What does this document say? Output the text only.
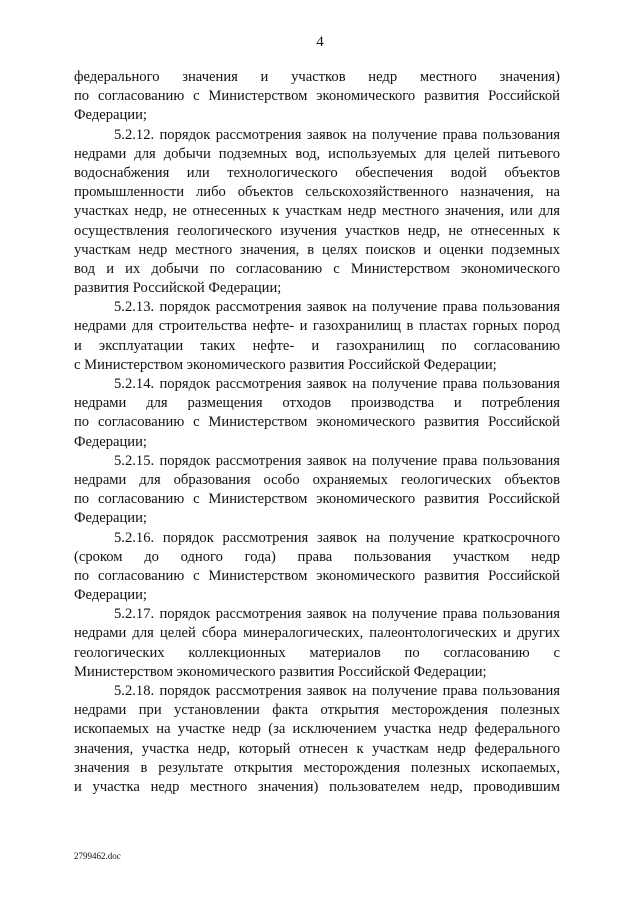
4
федерального значения и участков недр местного значения)
по согласованию с Министерством экономического развития Российской
Федерации;
5.2.12. порядок рассмотрения заявок на получение права пользования
недрами для добычи подземных вод, используемых для целей питьевого
водоснабжения или технологического обеспечения водой объектов
промышленности либо объектов сельскохозяйственного назначения, на
участках недр, не отнесенных к участкам недр местного значения, или для
осуществления геологического изучения участков недр, не отнесенных к
участкам недр местного значения, в целях поисков и оценки подземных
вод и их добычи по согласованию с Министерством экономического
развития Российской Федерации;
5.2.13. порядок рассмотрения заявок на получение права пользования
недрами для строительства нефте- и газохранилищ в пластах горных пород
и эксплуатации таких нефте- и газохранилищ по согласованию
с Министерством экономического развития Российской Федерации;
5.2.14. порядок рассмотрения заявок на получение права пользования
недрами для размещения отходов производства и потребления
по согласованию с Министерством экономического развития Российской
Федерации;
5.2.15. порядок рассмотрения заявок на получение права пользования
недрами для образования особо охраняемых геологических объектов
по согласованию с Министерством экономического развития Российской
Федерации;
5.2.16. порядок рассмотрения заявок на получение краткосрочного
(сроком до одного года) права пользования участком недр
по согласованию с Министерством экономического развития Российской
Федерации;
5.2.17. порядок рассмотрения заявок на получение права пользования
недрами для целей сбора минералогических, палеонтологических и других
геологических коллекционных материалов по согласованию с
Министерством экономического развития Российской Федерации;
5.2.18. порядок рассмотрения заявок на получение права пользования
недрами при установлении факта открытия месторождения полезных
ископаемых на участке недр (за исключением участка недр федерального
значения, участка недр, который отнесен к участкам недр федерального
значения в результате открытия месторождения полезных ископаемых,
и участка недр местного значения) пользователем недр, проводившим
2799462.doc
